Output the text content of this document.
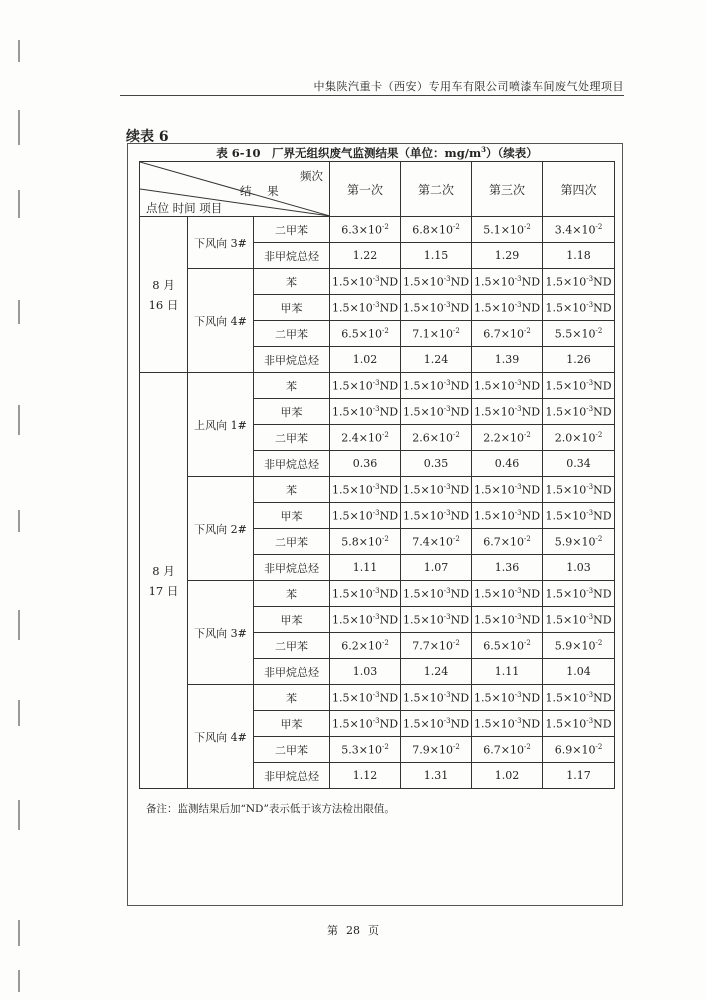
中集陕汽重卡（西安）专用车有限公司喷漆车间废气处理项目
续表 6
表 6-10　厂界无组织废气监测结果（单位：$mg/m^3$）（续表）
频次
结 果
点位 时间 项目			第一次	第二次	第三次	第四次
8 月
16 日	下风向 3#	二甲苯	$6.3\times 10^{-2}$	$6.8\times 10^{-2}$	$5.1\times 10^{-2}$	$3.4\times 10^{-2}$
		非甲烷总烃	1.22	1.15	1.29	1.18
	下风向 4#	苯	$1.5\times 10^{-3}ND$	$1.5\times 10^{-3}ND$	$1.5\times 10^{-3}ND$	$1.5\times 10^{-3}ND$
		甲苯	$1.5\times 10^{-3}ND$	$1.5\times 10^{-3}ND$	$1.5\times 10^{-3}ND$	$1.5\times 10^{-3}ND$
		二甲苯	$6.5\times 10^{-2}$	$7.1\times 10^{-2}$	$6.7\times 10^{-2}$	$5.5\times 10^{-2}$
		非甲烷总烃	1.02	1.24	1.39	1.26
8 月
17 日	上风向 1#	苯	$1.5\times 10^{-3}ND$	$1.5\times 10^{-3}ND$	$1.5\times 10^{-3}ND$	$1.5\times 10^{-3}ND$
		甲苯	$1.5\times 10^{-3}ND$	$1.5\times 10^{-3}ND$	$1.5\times 10^{-3}ND$	$1.5\times 10^{-3}ND$
		二甲苯	$2.4\times 10^{-2}$	$2.6\times 10^{-2}$	$2.2\times 10^{-2}$	$2.0\times 10^{-2}$
		非甲烷总烃	0.36	0.35	0.46	0.34
	下风向 2#	苯	$1.5\times 10^{-3}ND$	$1.5\times 10^{-3}ND$	$1.5\times 10^{-3}ND$	$1.5\times 10^{-3}ND$
		甲苯	$1.5\times 10^{-3}ND$	$1.5\times 10^{-3}ND$	$1.5\times 10^{-3}ND$	$1.5\times 10^{-3}ND$
		二甲苯	$5.8\times 10^{-2}$	$7.4\times 10^{-2}$	$6.7\times 10^{-2}$	$5.9\times 10^{-2}$
		非甲烷总烃	1.11	1.07	1.36	1.03
	下风向 3#	苯	$1.5\times 10^{-3}ND$	$1.5\times 10^{-3}ND$	$1.5\times 10^{-3}ND$	$1.5\times 10^{-3}ND$
		甲苯	$1.5\times 10^{-3}ND$	$1.5\times 10^{-3}ND$	$1.5\times 10^{-3}ND$	$1.5\times 10^{-3}ND$
		二甲苯	$6.2\times 10^{-2}$	$7.7\times 10^{-2}$	$6.5\times 10^{-2}$	$5.9\times 10^{-2}$
		非甲烷总烃	1.03	1.24	1.11	1.04
	下风向 4#	苯	$1.5\times 10^{-3}ND$	$1.5\times 10^{-3}ND$	$1.5\times 10^{-3}ND$	$1.5\times 10^{-3}ND$
		甲苯	$1.5\times 10^{-3}ND$	$1.5\times 10^{-3}ND$	$1.5\times 10^{-3}ND$	$1.5\times 10^{-3}ND$
		二甲苯	$5.3\times 10^{-2}$	$7.9\times 10^{-2}$	$6.7\times 10^{-2}$	$6.9\times 10^{-2}$
		非甲烷总烃	1.12	1.31	1.02	1.17
备注：监测结果后加“ND”表示低于该方法检出限值。
第 28 页
